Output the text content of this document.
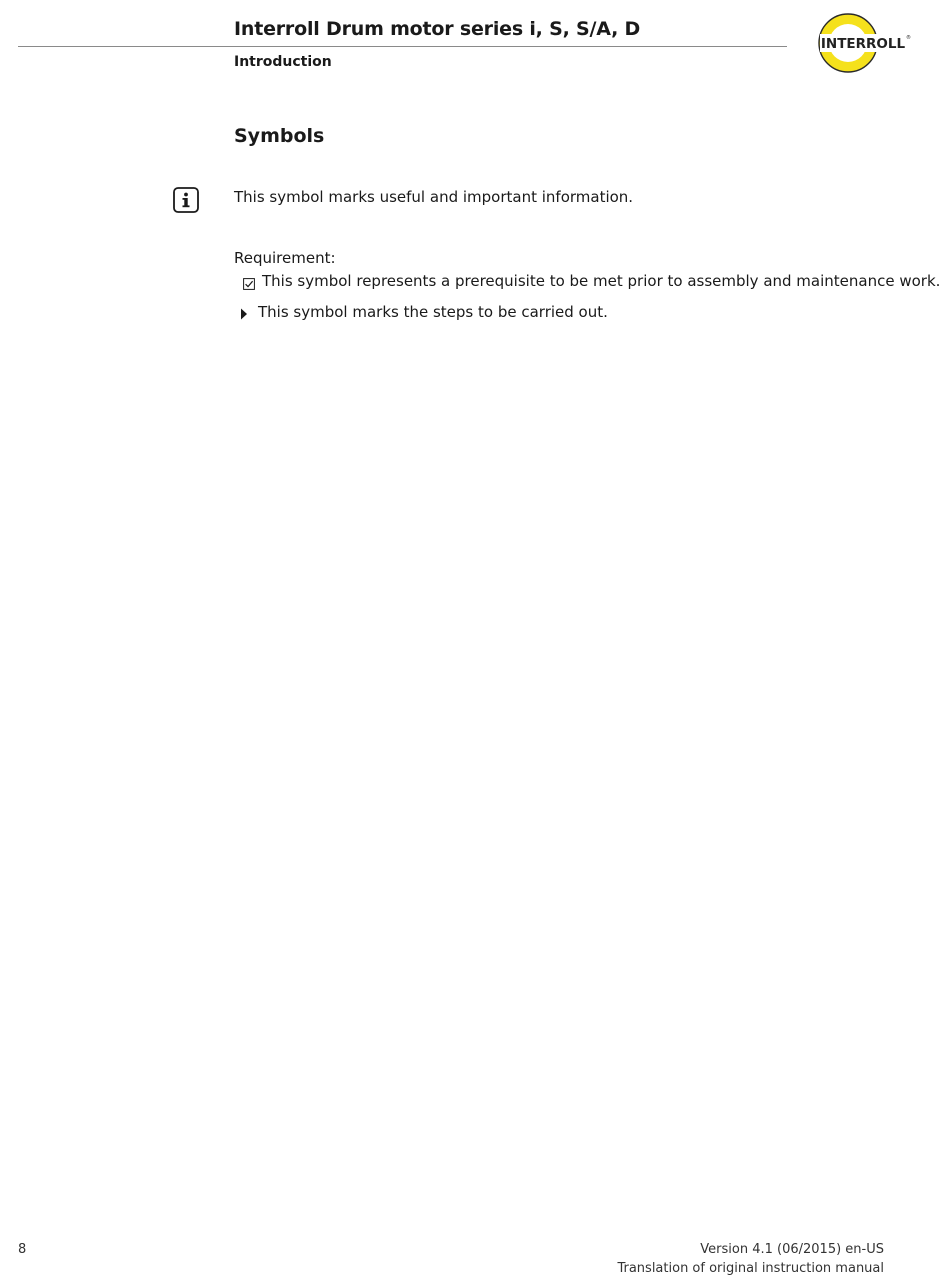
Interroll Drum motor series i, S, S/A, D
Introduction
INTERROLL ®
Symbols
This symbol marks useful and important information.
Requirement:
This symbol represents a prerequisite to be met prior to assembly and maintenance work.
This symbol marks the steps to be carried out.
8	Version 4.1 (06/2015) en-US
Translation of original instruction manual
